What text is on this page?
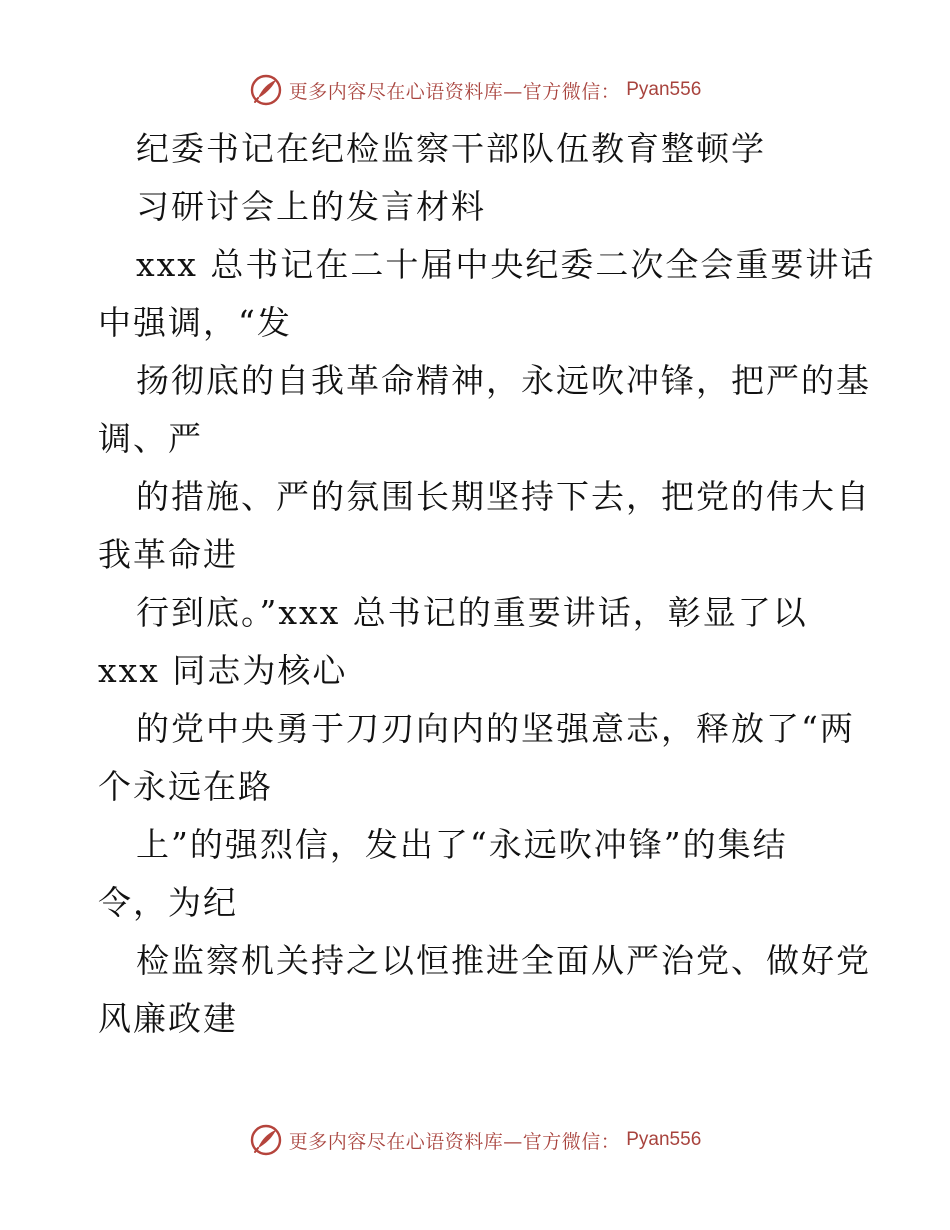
更多内容尽在心语资料库—官方微信： Pyan556
纪委书记在纪检监察干部队伍教育整顿学
习研讨会上的发言材料
xxx 总书记在二十届中央纪委二次全会重要讲话
中强调，“发
扬彻底的自我革命精神，永远吹冲锋，把严的基
调、严
的措施、严的氛围长期坚持下去，把党的伟大自
我革命进
行到底。”xxx 总书记的重要讲话，彰显了以
xxx 同志为核心
的党中央勇于刀刃向内的坚强意志，释放了“两
个永远在路
上”的强烈信，发出了“永远吹冲锋”的集结
令，为纪
检监察机关持之以恒推进全面从严治党、做好党
风廉政建
更多内容尽在心语资料库—官方微信： Pyan556
